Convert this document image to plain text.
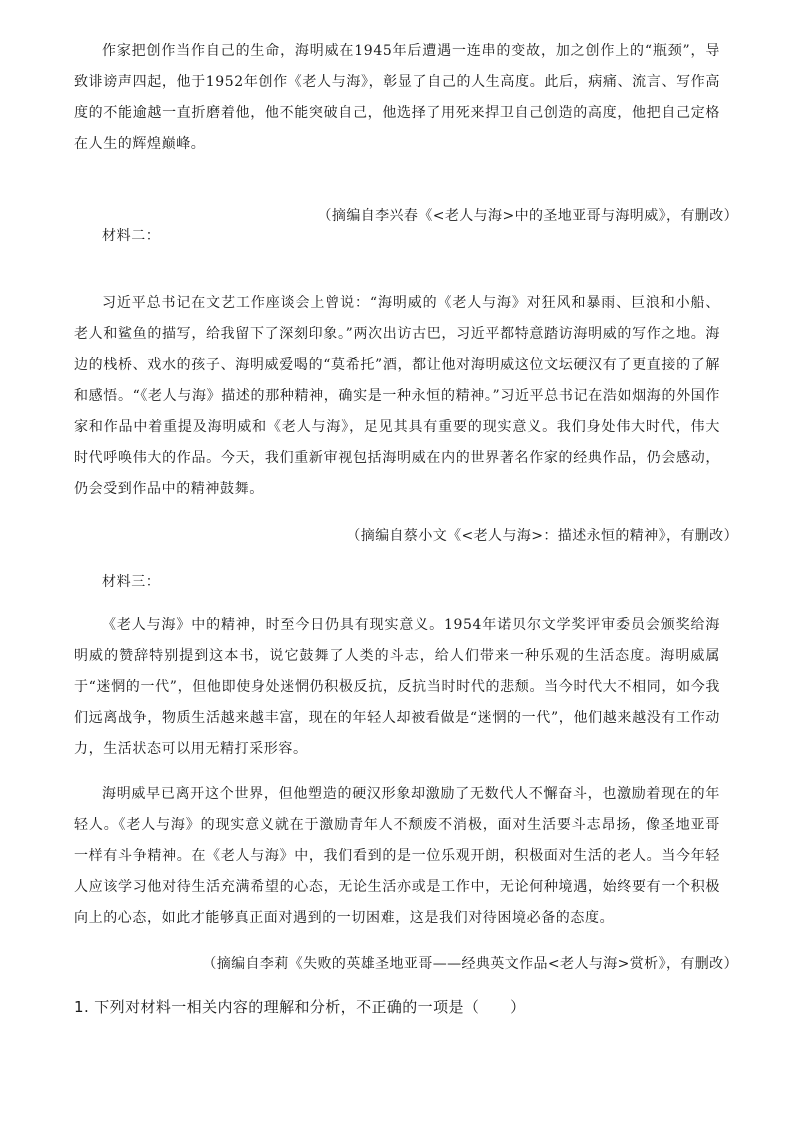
作家把创作当作自己的生命，海明威在1945年后遭遇一连串的变故，加之创作上的“瓶颈”，导致诽谤声四起，他于1952年创作《老人与海》，彰显了自己的人生高度。此后，病痛、流言、写作高度的不能逾越一直折磨着他，他不能突破自己，他选择了用死来捍卫自己创造的高度，他把自己定格在人生的辉煌巅峰。
（摘编自李兴春《<老人与海>中的圣地亚哥与海明威》，有删改）
材料二：
习近平总书记在文艺工作座谈会上曾说：“海明威的《老人与海》对狂风和暴雨、巨浪和小船、老人和鲨鱼的描写，给我留下了深刻印象。”两次出访古巴，习近平都特意踏访海明威的写作之地。海边的栈桥、戏水的孩子、海明威爱喝的“莫希托”酒，都让他对海明威这位文坛硬汉有了更直接的了解和感悟。“《老人与海》描述的那种精神，确实是一种永恒的精神。”习近平总书记在浩如烟海的外国作家和作品中着重提及海明威和《老人与海》，足见其具有重要的现实意义。我们身处伟大时代，伟大时代呼唤伟大的作品。今天，我们重新审视包括海明威在内的世界著名作家的经典作品，仍会感动，仍会受到作品中的精神鼓舞。
（摘编自蔡小文《<老人与海>：描述永恒的精神》，有删改）
材料三：
《老人与海》中的精神，时至今日仍具有现实意义。1954年诺贝尔文学奖评审委员会颁奖给海明威的赞辞特别提到这本书，说它鼓舞了人类的斗志，给人们带来一种乐观的生活态度。海明威属于“迷惘的一代”，但他即使身处迷惘仍积极反抗，反抗当时时代的悲颓。当今时代大不相同，如今我们远离战争，物质生活越来越丰富，现在的年轻人却被看做是“迷惘的一代”，他们越来越没有工作动力，生活状态可以用无精打采形容。
海明威早已离开这个世界，但他塑造的硬汉形象却激励了无数代人不懈奋斗，也激励着现在的年轻人。《老人与海》的现实意义就在于激励青年人不颓废不消极，面对生活要斗志昂扬，像圣地亚哥一样有斗争精神。在《老人与海》中，我们看到的是一位乐观开朗，积极面对生活的老人。当今年轻人应该学习他对待生活充满希望的心态，无论生活亦或是工作中，无论何种境遇，始终要有一个积极向上的心态，如此才能够真正面对遇到的一切困难，这是我们对待困境必备的态度。
（摘编自李莉《失败的英雄圣地亚哥——经典英文作品<老人与海>赏析》，有删改）
1. 下列对材料一相关内容的理解和分析，不正确的一项是（　　）
